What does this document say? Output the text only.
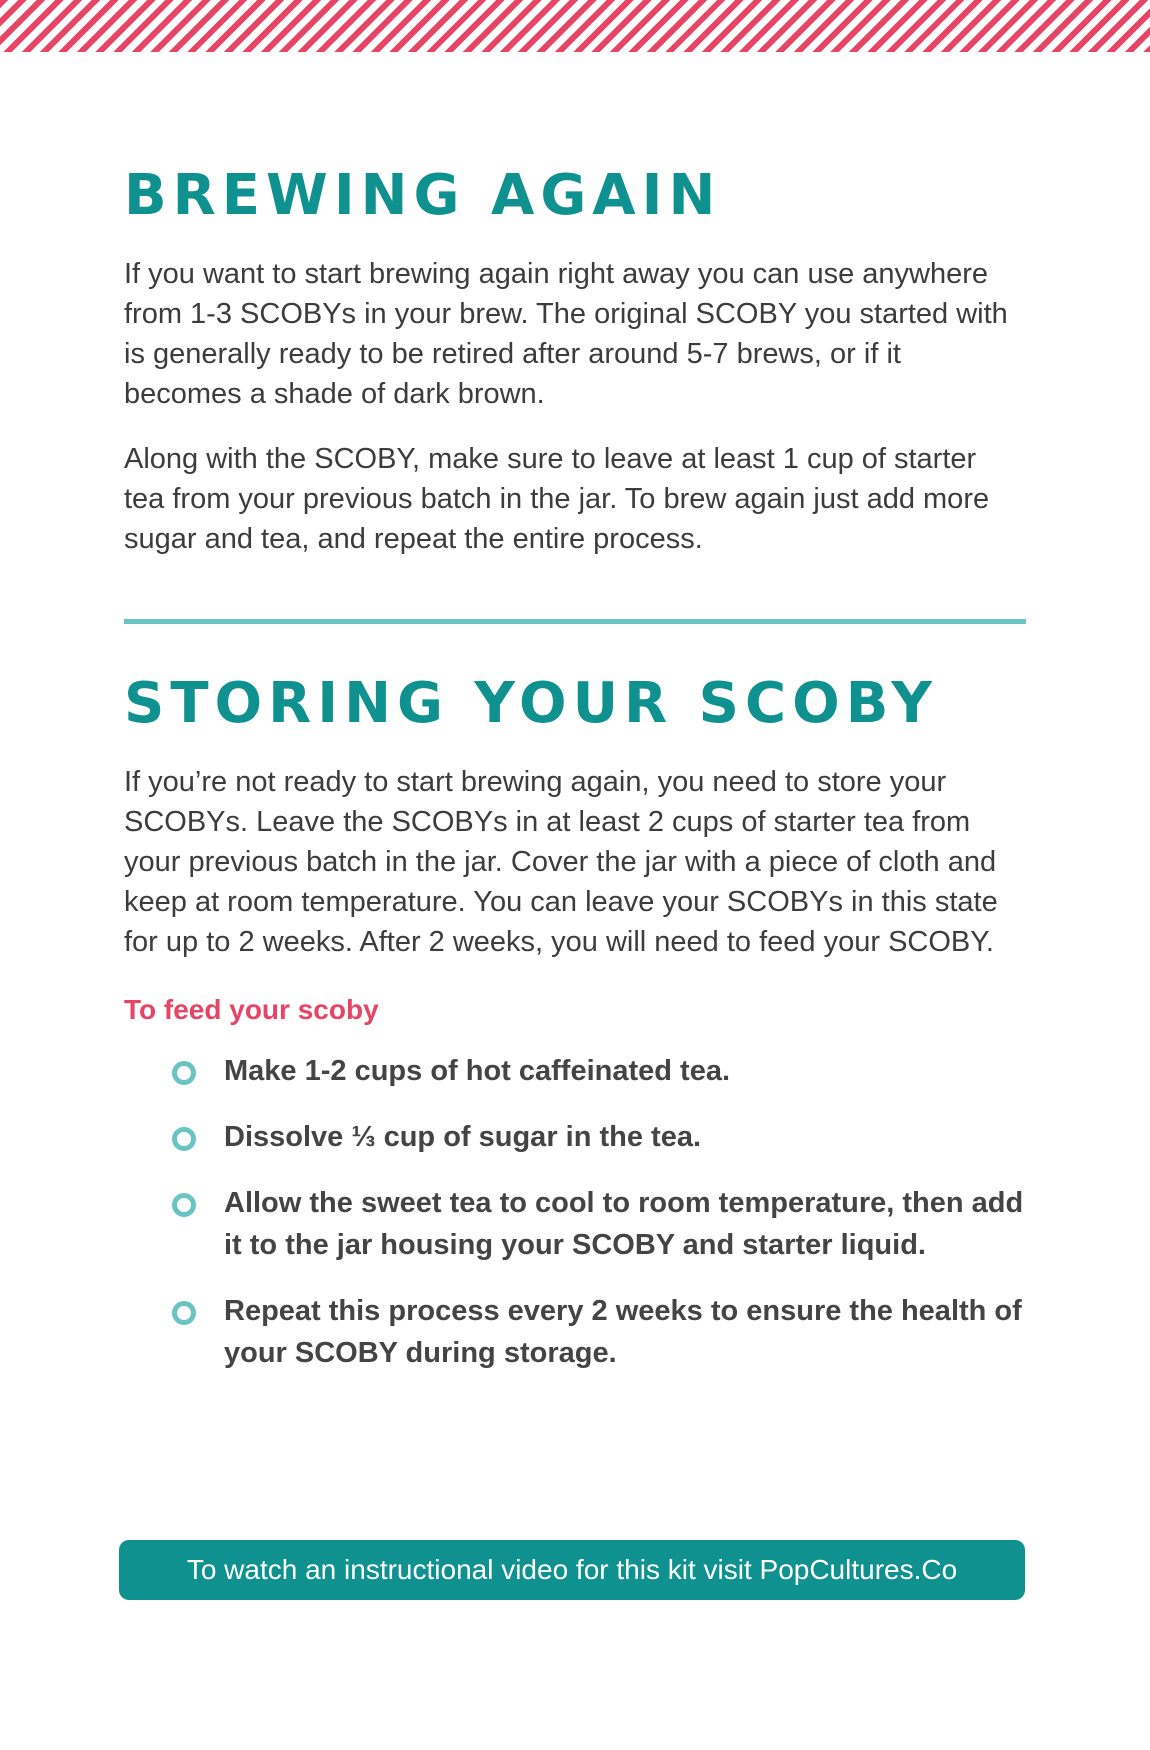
BREWING AGAIN

If you want to start brewing again right away you can use anywhere from 1-3 SCOBYs in your brew. The original SCOBY you started with is generally ready to be retired after around 5-7 brews, or if it becomes a shade of dark brown.

Along with the SCOBY, make sure to leave at least 1 cup of starter tea from your previous batch in the jar. To brew again just add more sugar and tea, and repeat the entire process.

STORING YOUR SCOBY

If you’re not ready to start brewing again, you need to store your SCOBYs. Leave the SCOBYs in at least 2 cups of starter tea from your previous batch in the jar. Cover the jar with a piece of cloth and keep at room temperature. You can leave your SCOBYs in this state for up to 2 weeks. After 2 weeks, you will need to feed your SCOBY.

To feed your scoby

Make 1-2 cups of hot caffeinated tea.
Dissolve ⅓ cup of sugar in the tea.
Allow the sweet tea to cool to room temperature, then add it to the jar housing your SCOBY and starter liquid.
Repeat this process every 2 weeks to ensure the health of your SCOBY during storage.
To watch an instructional video for this kit visit PopCultures.Co
